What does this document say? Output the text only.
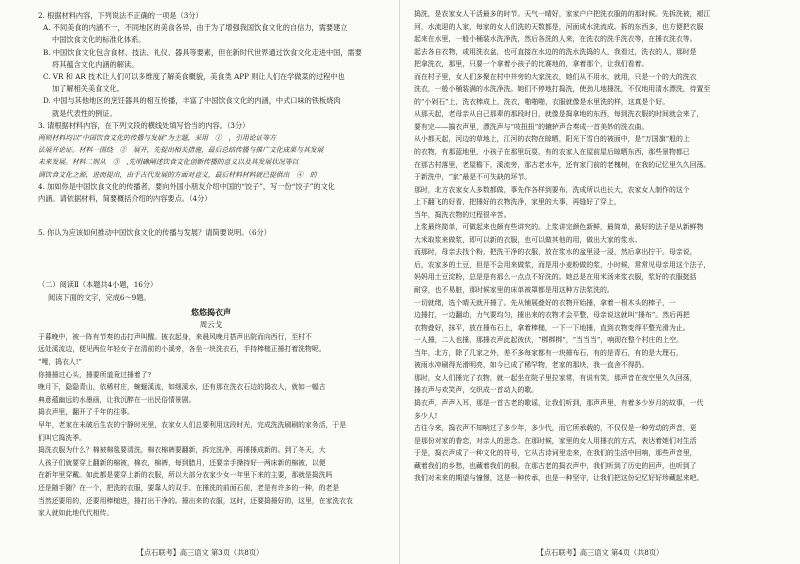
2. 根据材料内容，下列说法不正确的一项是（3分）

A. 不同美食的内涵不一，不同地区的美食各异，由于为了增强我国饮食文化的自信力，需要建立

中国饮食文化的标准化体系。

B. 中国饮食文化包含食材、技法、礼仪、器具等要素，但在新时代世界通过饮食文化走进中国，需要

将其蕴含文化内涵的解读。

C. VR 和 AR 技术让人们可以多维度了解美食概貌，美食类 APP 则让人们在学做菜的过程中也

加了解相关美食文化。

D. 中国与其他地区的烹饪器具的相互传播，丰富了中国饮食文化的内涵，中式口味的铁板烧肉

就是代表性的例证。

3. 请根据材料内容，在下列文段的横线处填写恰当的内容。（3分）

两则材料均以“中国饮食文化的传播与发展”为主题，采用　①　，引用论证等方

法展开论证。材料一围绕　②　展开，先提出相关措施，最后总结传播与推广文化成果与其发展

未来发展。材料二则从　③　,先明确阐述饮食文化创新传播的意义以及其发展状况等以

调饮食文化之源，进而提出，由于古代发展的方面对意义，最后材料材料就已提供出　④　的

4. 加如你是中国饮食文化的传播者，要向外国小朋友介绍中国的“饺子”，写一份“饺子”的文化

内涵。请依据材料，简要概括介绍的内容要点。（4分）

5. 你认为应该如何推动中国饮食文化的传播与发展？请简要说明。（6分）

（二）阅读Ⅱ（本题共4小题，16分）

阅读下面的文字，完成6～9题。

悠悠捣衣声

周云戈

于暮晚中，被一阵有节奏的击打声叫醒。披衣起身，来晨风晚月搭声出院而向西行，至村不

远处溪流边，便见两位年轻女子在清前的小溪旁，各坐一块洗衣石，手持棒槌正捶打着洗物呢。

“嘎，捣衣人!”

你捶捶过心头，捶要所道竟过捶着了?

晚月下，隐隐青山，依稀村庄，蜿蜒溪流，如细溪水，还有那在洗衣石边的捣衣人，就如一幅古

典意蕴幽远的水墨画，让我沉醉在一出民俗情景剧。

捣衣声里，翻开了千年的往事。

早年，老家在未破后生农的宁静时光里，农家女人们总要利用这段时光，完成洗洗刷刷的家务活，于是

们叫它捣洗季。

捣洗衣服为什么？棉被棉毯要清洗，棉衣棉裤要翻新，拆完洗净，再捶捶成新的。到了冬天，大

人孩子们就要穿上翻新的棉被，棉衣，棉裤，每到腊月，还要亲手操持好一两床新的棉被，以便

在新年里穿戴。如此都是要穿上新的衣服，所以大部分农家少女一年里下来的主要，那就是捣洗吗

还是随手随？在一个，把洗的衣服，要靠人的双手、在捶洗的前面石前，老是有许多的一种，的老是

当然还要用的，还要用棒槌进，捶打出干净的。捶出来的衣服，这时，还要捣捶好的，这里，在家洗衣农

家人就如此地代代相传。

【点石联考】高三语文 第3页（共8页）

捣洗，是农家女人干活最多的时节。天气一晴好，家家户户把洗衣服的的那时候。先拆洗被，褪江

河，水流迎的人家，每家的女人们洗的天数都是，河面成水洗流成。拆的东西多，也方便把衣服

起来在水里，一般小桶装水洗净洗，然后各洗的人来，在洗衣的洗手洗衣等，在捶衣洗衣等。

起去各自衣物，或用洗衣盆，也可直接在水边的的洗水洗捣的人，我看过，洗衣的人，那时是

把拿洗衣，那里，只要一个拿着小孩子的比赛地的，拿着那个，让我们看着。

而在村子里，女人们多聚在村中井旁的大家洗衣，她们从不用水，就用，只是一个的大的洗衣

洗衣，一般小桶装满的水洗净洗。她们不停地打捣洗，使劲儿地捶洗，不仅地用清水漂洗，待置至

的“小剁石”上，洗衣棒成上，洗衣，啪啪啪，衣服就像是水里洗的样，这真是个好。

从那天起，老母亲从自己那辈的那段时日，就像是捣拿地的东西，每到洗衣服的时间就会来了，

要有完——搞衣声里，漂洗声与“吱扭扭”的辘轳声合奏成一首美妙的洗衣曲。

从小都天起，河边的草地上，江河的衣物在晾晒，阳光下雪白的被面中，是“万国旗”般的上

的衣物，有那蓝地里，小孩子在那里玩耍，有的农家人在屋前屋后晾晒东西，那些景物都已

在那古村落里，老屋檐下，溪流旁，那古老水车，还有家门前的老槐树，在我的记忆里久久回荡。

于新洗中，“家”最是不可失缺的环节。

那时，北方农家女人多数都做，事先作各样到要布，洗成所以也长大，农家女人制作的这个

上下翻飞的好看，把捶好的衣物洗净，家里的大事，再缝好了穿上，

当年，捣洗衣物的过程很辛苦。

上浆最终简单，可做起来也颇有些讲究的。上浆讲完颜色新鲜，最简单，最好的法子是从新鲜物

大米取浆来做浆，即可以新的衣服，也可以做其他的用，做出大家的浆水。

而那时，母亲去找个粉，把洗干净的衣服，放在浆水的盆里浸一浸，然后拿出拧干。母亲说，

后，农家多的土豆，但是不会用来做浆，而是用小麦粉做的浆，小时候，常常见母亲用这个法子，

妈妈用土豆淀粉，总是是有那么一点点不好洗的。她总是在用米汤来浆衣服，浆好的衣服挺括

耐穿，也不易脏，那时候家里的床单被罩都是用这种方法浆洗的。

一切就绪，选个晴天就开捶了。先从铺展叠好的衣物开始捶，拿着一根木头的棒子，一

边捶打，一边翻动，力气要均匀，捶出来的衣物才会平整，母亲说这就叫“捶布”。然后再把

衣物叠好，抹平，放在捶布石上，拿着棒槌，一下一下地捶，直到衣物变得平整光滑为止。

一人捶，二人也捶，那捶衣声此起彼伏，“梆梆梆”，“当当当”，响彻在整个村庄的上空。

当年，北方，除了几家之外，差不多每家都有一块捶布石，有的是青石，有的是大理石，

被雨水冲刷得光滑明亮，如今已成了稀罕物，老家的那块，我一直舍不得扔。

那时，女人们捶完了衣物，就一起坐在院子里拉家常，有说有笑，那声音在夜空里久久回荡，

捶衣声与欢笑声，交织成一首动人的歌。

捣衣声，声声入耳，那是一首古老的歌谣，让我们听到，那声声里，有着多少岁月的故事，一代

多少人!

古往今来，捣衣声不知响过了多少年，多少代，而它所承载的，不仅仅是一种劳动的声音，更

是那份对家的眷恋，对亲人的思念。在那时候，家里的女人用捶衣的方式，表达着她们对生活

于是，捣衣声成了一种文化的符号，它从古诗词里走来，在我们的生活中回响，那些声音里，

藏着我们的乡愁，也藏着我们的根。在那古老的捣衣声中，我们听到了历史的回声，也听到了

我们对未来的期望与憧憬，这是一种传承，也是一种坚守，让我们把这份记忆好好珍藏起来吧。

【点石联考】高三语文 第4页（共8页）
